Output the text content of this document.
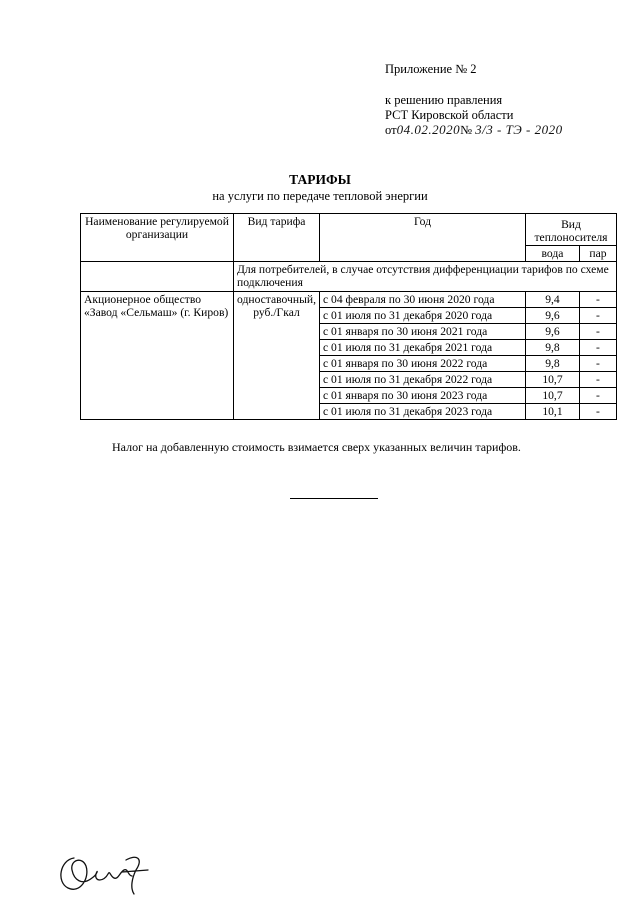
Приложение № 2
к решению правления
РСТ Кировской области
от04.02.2020№ 3/3 - ТЭ - 2020
ТАРИФЫ
на услуги по передаче тепловой энергии
Наименование регулируемой организации	Вид тарифа	Год	Вид теплоносителя	
			вода	пар
	Для потребителей, в случае отсутствия дифференциации тарифов по схеме подключения			
Акционерное общество «Завод «Сельмаш» (г. Киров)	одноставочный, руб./Гкал	с 04 февраля по 30 июня 2020 года	9,4	-
		с 01 июля по 31 декабря 2020 года	9,6	-
		с 01 января по 30 июня 2021 года	9,6	-
		с 01 июля по 31 декабря 2021 года	9,8	-
		с 01 января по 30 июня 2022 года	9,8	-
		с 01 июля по 31 декабря 2022 года	10,7	-
		с 01 января по 30 июня 2023 года	10,7	-
		с 01 июля по 31 декабря 2023 года	10,1	-
Налог на добавленную стоимость взимается сверх указанных величин тарифов.
